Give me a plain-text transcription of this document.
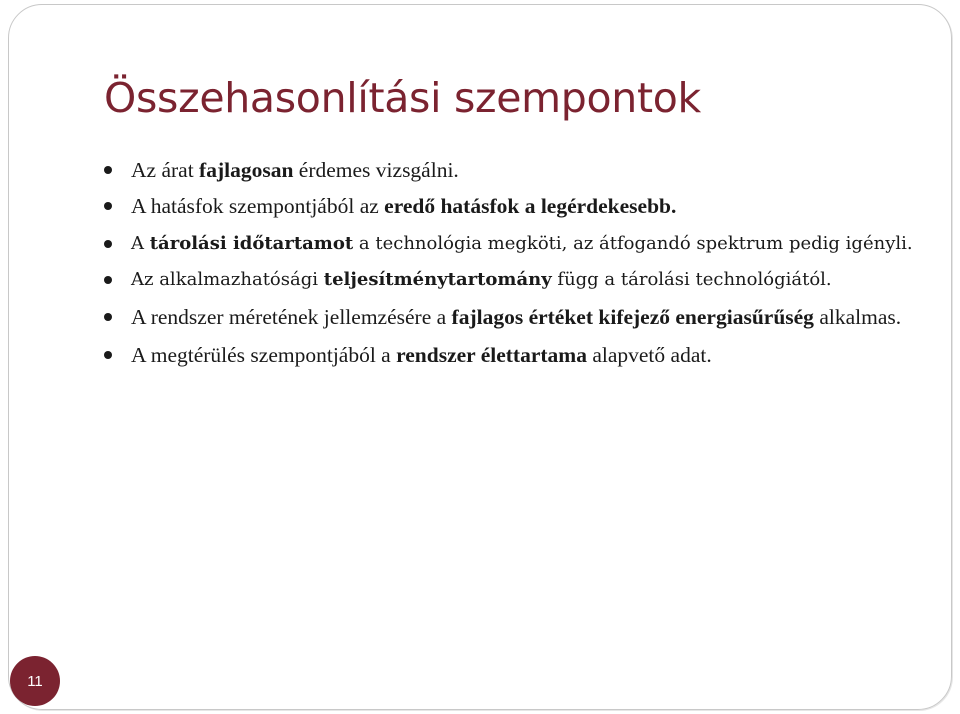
Összehasonlítási szempontok
Az árat fajlagosan érdemes vizsgálni.
A hatásfok szempontjából az eredő hatásfok a legérdekesebb.
A tárolási időtartamot a technológia megköti, az átfogandó spektrum pedig igényli.
Az alkalmazhatósági teljesítménytartomány függ a tárolási technológiától.
A rendszer méretének jellemzésére a fajlagos értéket kifejező energiasűrűség alkalmas.
A megtérülés szempontjából a rendszer élettartama alapvető adat.
11
